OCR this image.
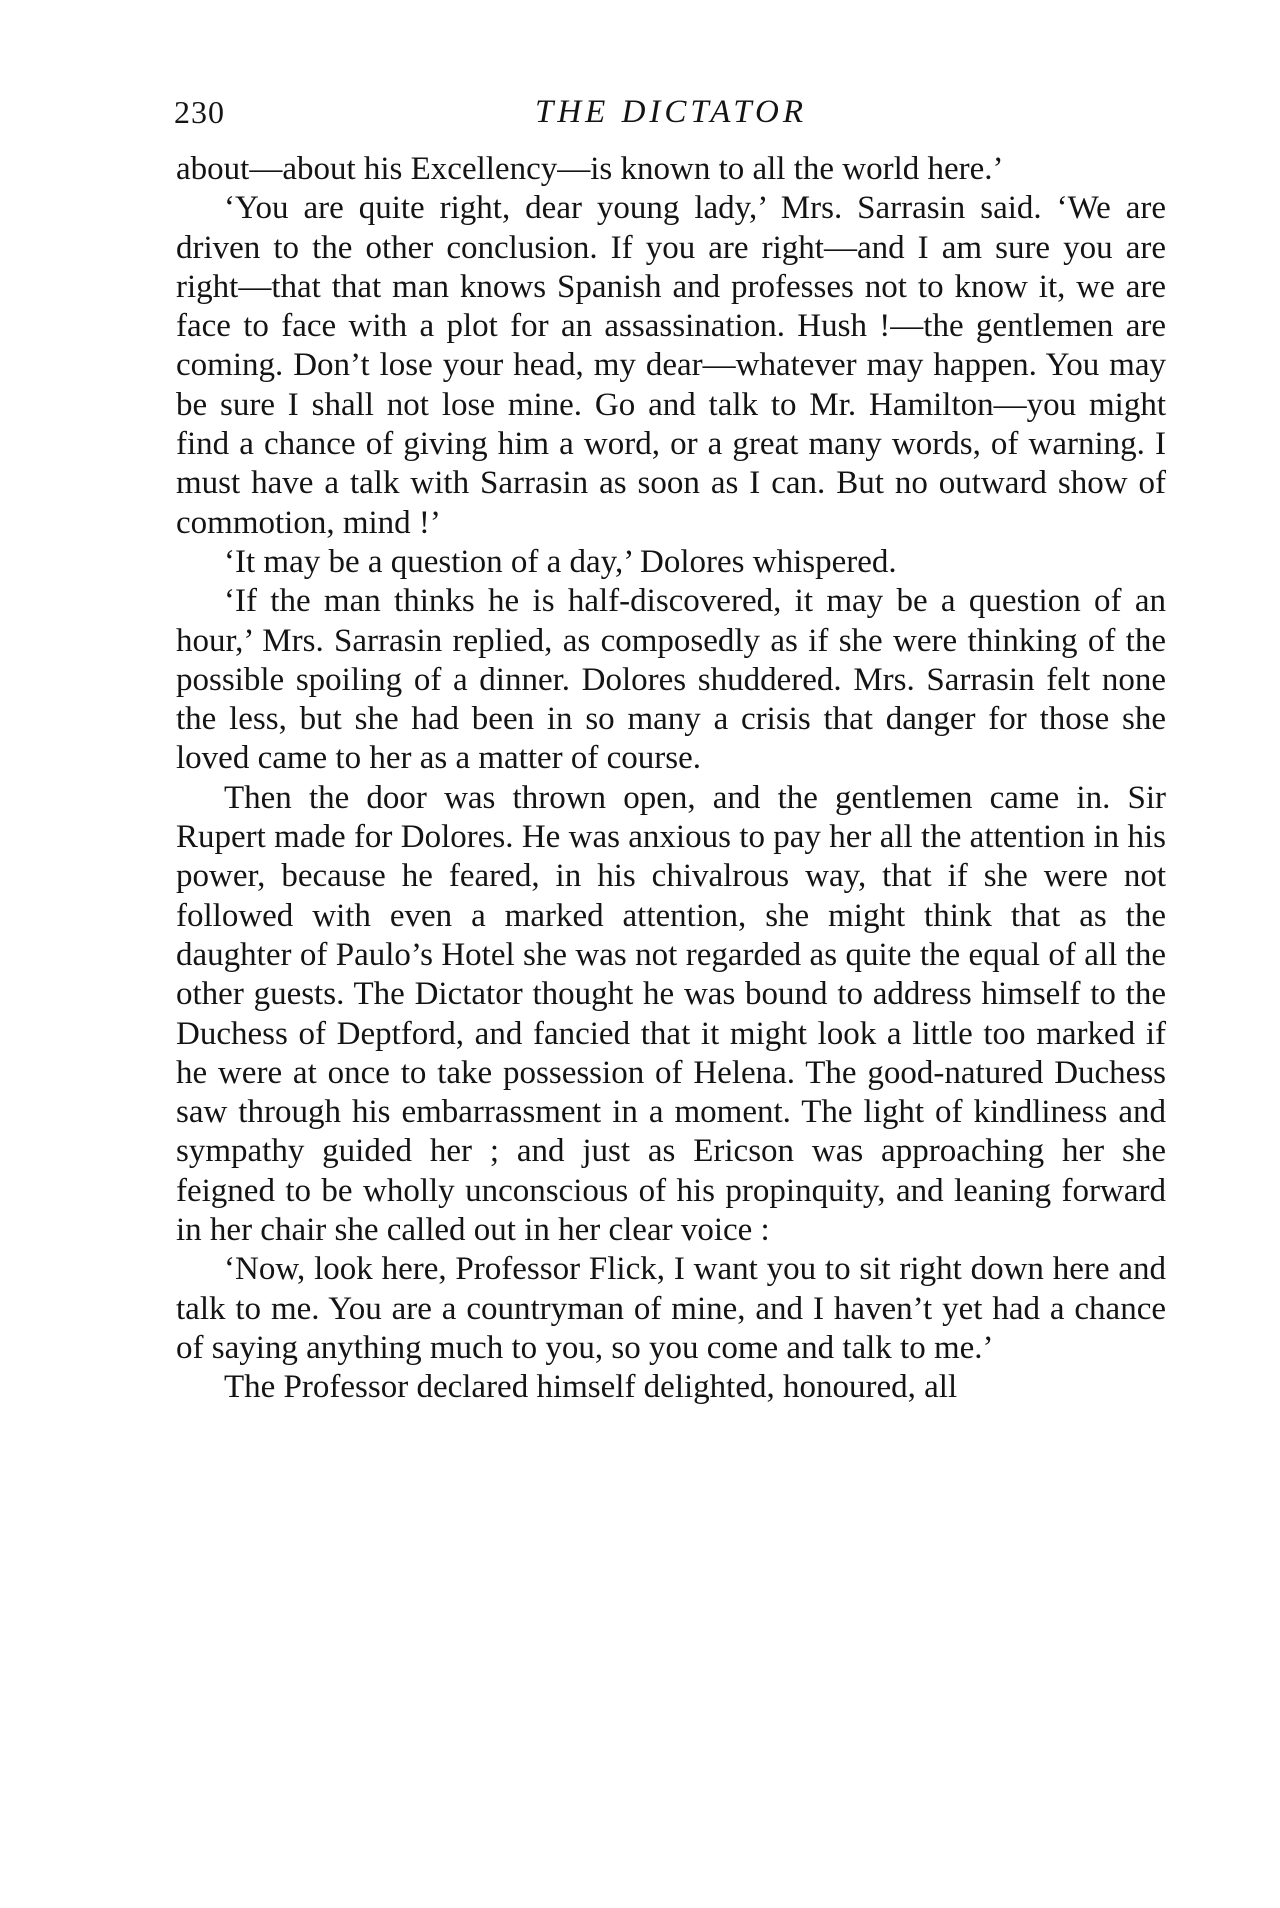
230	THE DICTATOR

about—about his Excellency—is known to all the world here.’

‘You are quite right, dear young lady,’ Mrs. Sarrasin said. ‘We are driven to the other conclusion. If you are right—and I am sure you are right—that that man knows Spanish and professes not to know it, we are face to face with a plot for an assassination. Hush !—the gentlemen are coming. Don’t lose your head, my dear—whatever may happen. You may be sure I shall not lose mine. Go and talk to Mr. Hamilton—you might find a chance of giving him a word, or a great many words, of warning. I must have a talk with Sarrasin as soon as I can. But no outward show of commotion, mind !’

‘It may be a question of a day,’ Dolores whispered.

‘If the man thinks he is half-discovered, it may be a question of an hour,’ Mrs. Sarrasin replied, as composedly as if she were thinking of the possible spoiling of a dinner. Dolores shuddered. Mrs. Sarrasin felt none the less, but she had been in so many a crisis that danger for those she loved came to her as a matter of course.

Then the door was thrown open, and the gentlemen came in. Sir Rupert made for Dolores. He was anxious to pay her all the attention in his power, because he feared, in his chivalrous way, that if she were not followed with even a marked attention, she might think that as the daughter of Paulo’s Hotel she was not regarded as quite the equal of all the other guests. The Dictator thought he was bound to address himself to the Duchess of Deptford, and fancied that it might look a little too marked if he were at once to take possession of Helena. The good-natured Duchess saw through his embarrassment in a moment. The light of kindliness and sympathy guided her ; and just as Ericson was approaching her she feigned to be wholly unconscious of his propinquity, and leaning forward in her chair she called out in her clear voice :

‘Now, look here, Professor Flick, I want you to sit right down here and talk to me. You are a countryman of mine, and I haven’t yet had a chance of saying anything much to you, so you come and talk to me.’

The Professor declared himself delighted, honoured, all
